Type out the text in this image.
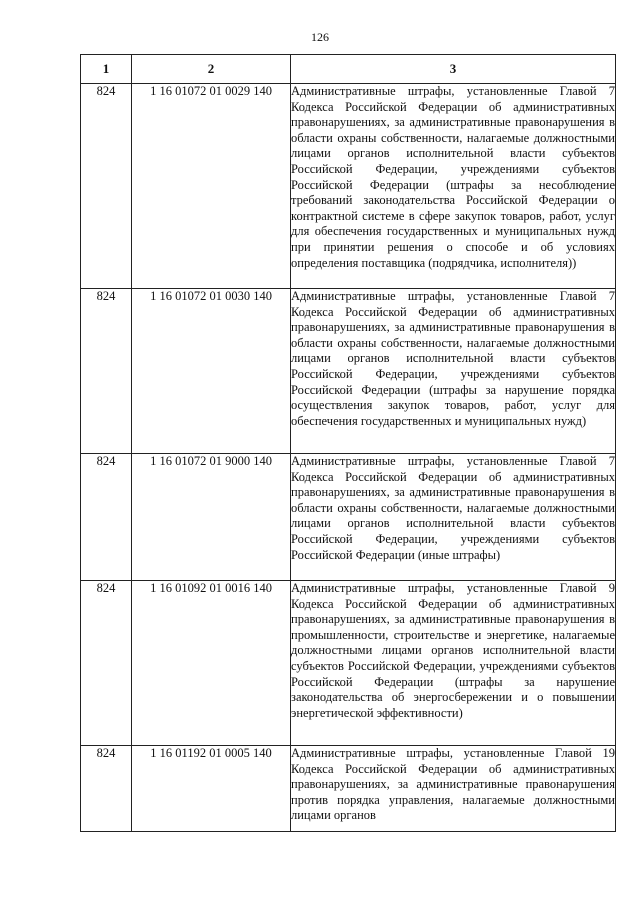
126
1	2	3
824	1 16 01072 01 0029 140	Административные штрафы, установленные Главой 7 Кодекса Российской Федерации об административных правонарушениях, за административные правонарушения в области охраны собственности, налагаемые должностными лицами органов исполнительной власти субъектов Российской Федерации, учреждениями субъектов Российской Федерации (штрафы за несоблюдение требований законодательства Российской Федерации о контрактной системе в сфере закупок товаров, работ, услуг для обеспечения государственных и муниципальных нужд при принятии решения о способе и об условиях определения поставщика (подрядчика, исполнителя))
824	1 16 01072 01 0030 140	Административные штрафы, установленные Главой 7 Кодекса Российской Федерации об административных правонарушениях, за административные правонарушения в области охраны собственности, налагаемые должностными лицами органов исполнительной власти субъектов Российской Федерации, учреждениями субъектов Российской Федерации (штрафы за нарушение порядка осуществления закупок товаров, работ, услуг для обеспечения государственных и муниципальных нужд)
824	1 16 01072 01 9000 140	Административные штрафы, установленные Главой 7 Кодекса Российской Федерации об административных правонарушениях, за административные правонарушения в области охраны собственности, налагаемые должностными лицами органов исполнительной власти субъектов Российской Федерации, учреждениями субъектов Российской Федерации (иные штрафы)
824	1 16 01092 01 0016 140	Административные штрафы, установленные Главой 9 Кодекса Российской Федерации об административных правонарушениях, за административные правонарушения в промышленности, строительстве и энергетике, налагаемые должностными лицами органов исполнительной власти субъектов Российской Федерации, учреждениями субъектов Российской Федерации (штрафы за нарушение законодательства об энергосбережении и о повышении энергетической эффективности)
824	1 16 01192 01 0005 140	Административные штрафы, установленные Главой 19 Кодекса Российской Федерации об административных правонарушениях, за административные правонарушения против порядка управления, налагаемые должностными лицами органов
